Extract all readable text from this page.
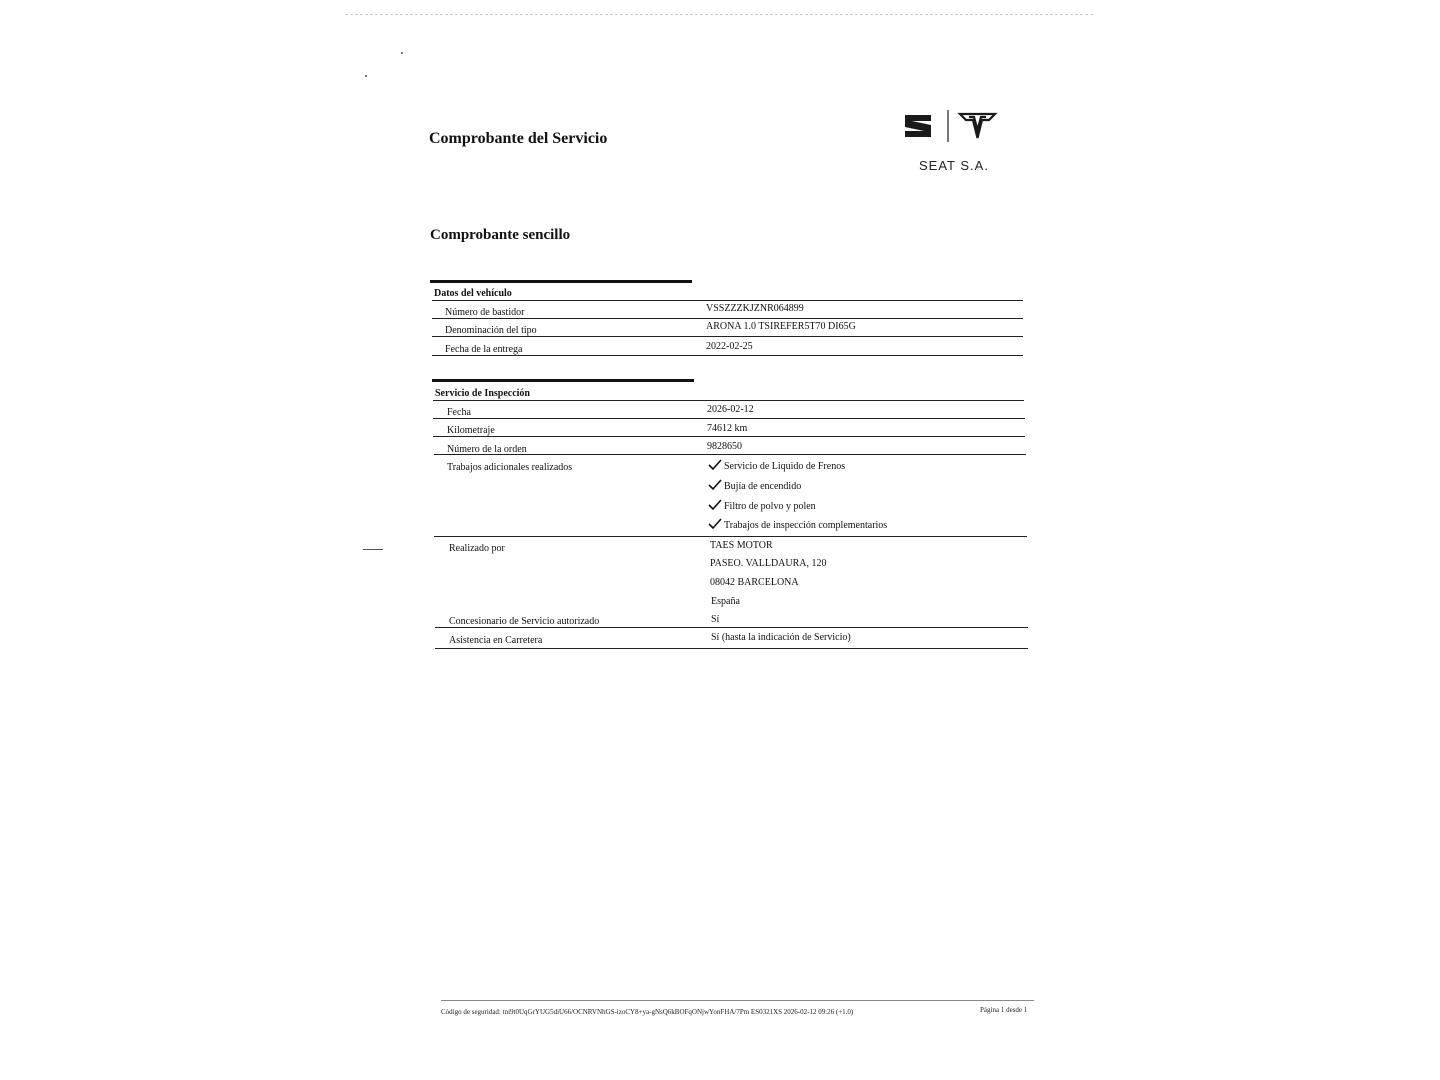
Comprobante del Servicio
SEAT S.A.
Comprobante sencillo
Datos del vehículo
Número de bastidor	VSSZZZKJZNR064899
Denominación del tipo	ARONA 1.0 TSIREFER5T70 DI65G
Fecha de la entrega	2022-02-25
Servicio de Inspección
Fecha	2026-02-12
Kilometraje	74612 km
Número de la orden	9828650
Trabajos adicionales realizados	Servicio de Liquido de Frenos
Bujía de encendido
Filtro de polvo y polen
Trabajos de inspección complementarios
Realizado por	TAES MOTOR
PASEO. VALLDAURA, 120
08042 BARCELONA
España
Concesionario de Servicio autorizado	Sí
Asistencia en Carretera	Sí (hasta la indicación de Servicio)
Código de seguridad: tni9t0UqGrYUG5diU66/OCNRVNhGS-izoCY8+ya-gNsQ6kBOFqONjwYonFHA/7Pm ES0321XS 2026-02-12 09:26 (+1.0)	Página 1 desde 1
